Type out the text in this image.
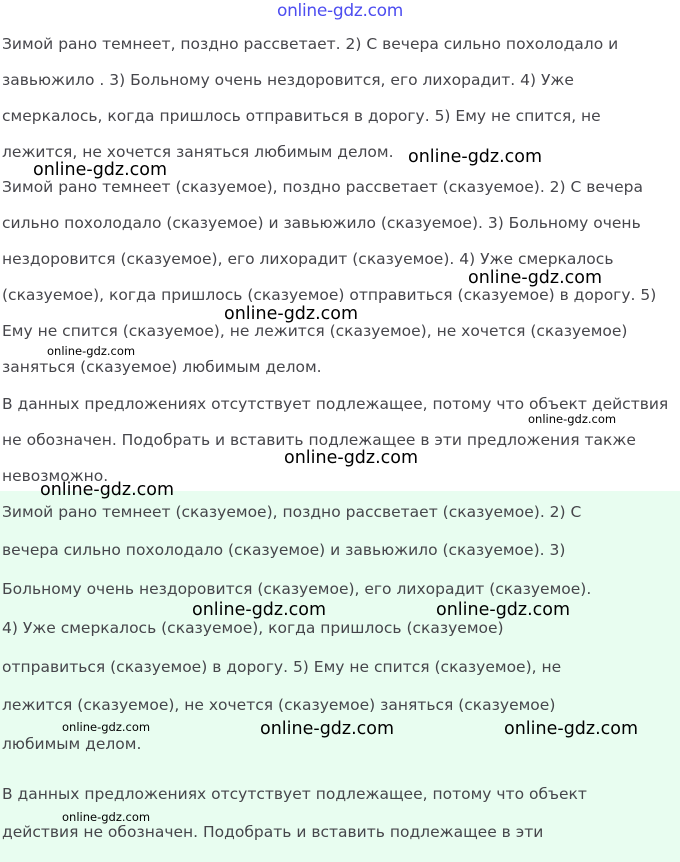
online-gdz.com
Зимой рано темнеет, поздно рассветает. 2) С вечера сильно похолодало и
завьюжило . 3) Больному очень нездоровится, его лихорадит. 4) Уже
смеркалось, когда пришлось отправиться в дорогу. 5) Ему не спится, не
лежится, не хочется заняться любимым делом.
Зимой рано темнеет (сказуемое), поздно рассветает (сказуемое). 2) С вечера
сильно похолодало (сказуемое) и завьюжило (сказуемое). 3) Больному очень
нездоровится (сказуемое), его лихорадит (сказуемое). 4) Уже смеркалось
(сказуемое), когда пришлось (сказуемое) отправиться (сказуемое) в дорогу. 5)
Ему не спится (сказуемое), не лежится (сказуемое), не хочется (сказуемое)
заняться (сказуемое) любимым делом.
В данных предложениях отсутствует подлежащее, потому что объект действия
не обозначен. Подобрать и вставить подлежащее в эти предложения также
невозможно.
Зимой рано темнеет (сказуемое), поздно рассветает (сказуемое). 2) С
вечера сильно похолодало (сказуемое) и завьюжило (сказуемое). 3)
Больному очень нездоровится (сказуемое), его лихорадит (сказуемое).
4) Уже смеркалось (сказуемое), когда пришлось (сказуемое)
отправиться (сказуемое) в дорогу. 5) Ему не спится (сказуемое), не
лежится (сказуемое), не хочется (сказуемое) заняться (сказуемое)
любимым делом.
В данных предложениях отсутствует подлежащее, потому что объект
действия не обозначен. Подобрать и вставить подлежащее в эти
online-gdz.com
online-gdz.com
online-gdz.com
online-gdz.com
online-gdz.com
online-gdz.com
online-gdz.com
online-gdz.com
online-gdz.com	online-gdz.com
online-gdz.com	online-gdz.com	online-gdz.com
online-gdz.com
